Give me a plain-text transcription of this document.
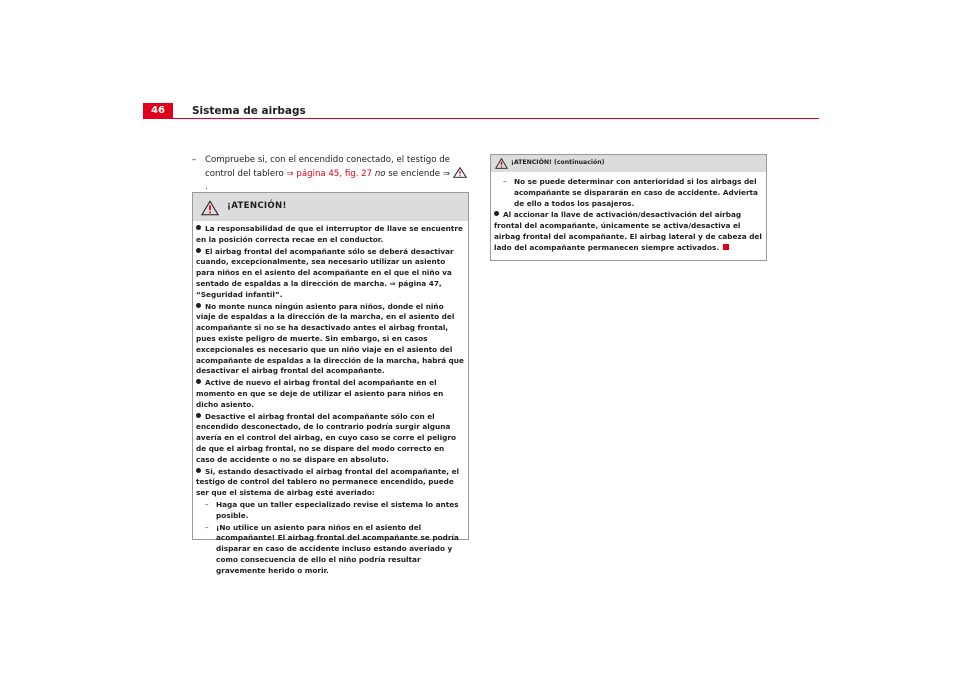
46	Sistema de airbags
–	Compruebe si, con el encendido conectado, el testigo de control del tablero ⇒ página 45, fig. 27 no se enciende ⇒ .
¡ATENCIÓN!
La responsabilidad de que el interruptor de llave se encuentre en la posición correcta recae en el conductor.
El airbag frontal del acompañante sólo se deberá desactivar cuando, excepcionalmente, sea necesario utilizar un asiento para niños en el asiento del acompañante en el que el niño va sentado de espaldas a la dirección de marcha. ⇒ página 47, “Seguridad infantil”.
No monte nunca ningún asiento para niños, donde el niño viaje de espaldas a la dirección de la marcha, en el asiento del acompañante si no se ha desactivado antes el airbag frontal, pues existe peligro de muerte. Sin embargo, si en casos excepcionales es necesario que un niño viaje en el asiento del acompañante de espaldas a la dirección de la marcha, habrá que desactivar el airbag frontal del acompañante.
Active de nuevo el airbag frontal del acompañante en el momento en que se deje de utilizar el asiento para niños en dicho asiento.
Desactive el airbag frontal del acompañante sólo con el encendido desconectado, de lo contrario podría surgir alguna avería en el control del airbag, en cuyo caso se corre el peligro de que el airbag frontal, no se dispare del modo correcto en caso de accidente o no se dispare en absoluto.
Si, estando desactivado el airbag frontal del acompañante, el testigo de control del tablero no permanece encendido, puede ser que el sistema de airbag esté averiado:
– Haga que un taller especializado revise el sistema lo antes posible.
– ¡No utilice un asiento para niños en el asiento del acompañante! El airbag frontal del acompañante se podría disparar en caso de accidente incluso estando averiado y como consecuencia de ello el niño podría resultar gravemente herido o morir.
¡ATENCIÓN! (continuación)
– No se puede determinar con anterioridad si los airbags del acompañante se dispararán en caso de accidente. Advierta de ello a todos los pasajeros.
Al accionar la llave de activación/desactivación del airbag frontal del acompañante, únicamente se activa/desactiva el airbag frontal del acompañante. El airbag lateral y de cabeza del lado del acompañante permanecen siempre activados.
